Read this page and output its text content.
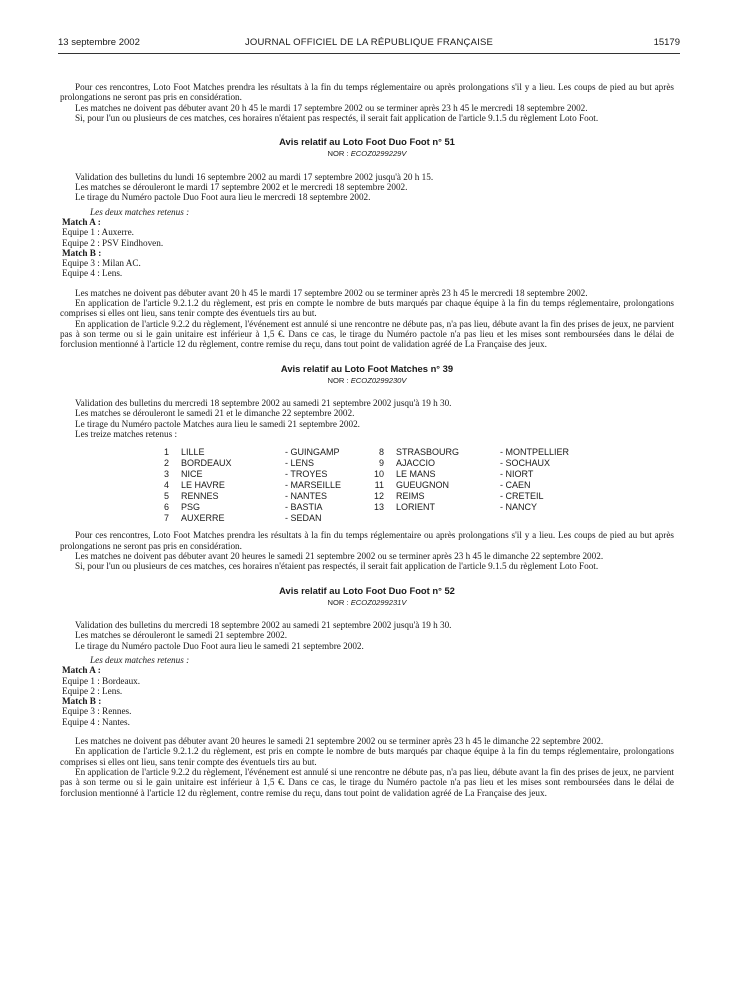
13 septembre 2002	JOURNAL OFFICIEL DE LA RÉPUBLIQUE FRANÇAISE	15179

Pour ces rencontres, Loto Foot Matches prendra les résultats à la fin du temps réglementaire ou après prolongations s'il y a lieu. Les coups de pied au but après prolongations ne seront pas pris en considération.

Les matches ne doivent pas débuter avant 20 h 45 le mardi 17 septembre 2002 ou se terminer après 23 h 45 le mercredi 18 septembre 2002.

Si, pour l'un ou plusieurs de ces matches, ces horaires n'étaient pas respectés, il serait fait application de l'article 9.1.5 du règlement Loto Foot.

Avis relatif au Loto Foot Duo Foot n° 51

NOR : ECOZ0299229V

Validation des bulletins du lundi 16 septembre 2002 au mardi 17 septembre 2002 jusqu'à 20 h 15.

Les matches se dérouleront le mardi 17 septembre 2002 et le mercredi 18 septembre 2002.

Le tirage du Numéro pactole Duo Foot aura lieu le mercredi 18 septembre 2002.

Les deux matches retenus :

Match A :

Equipe 1 : Auxerre.

Equipe 2 : PSV Eindhoven.

Match B :

Equipe 3 : Milan AC.

Equipe 4 : Lens.

Les matches ne doivent pas débuter avant 20 h 45 le mardi 17 septembre 2002 ou se terminer après 23 h 45 le mercredi 18 septembre 2002.

En application de l'article 9.2.1.2 du règlement, est pris en compte le nombre de buts marqués par chaque équipe à la fin du temps réglementaire, prolongations comprises si elles ont lieu, sans tenir compte des éventuels tirs au but.

En application de l'article 9.2.2 du règlement, l'événement est annulé si une rencontre ne débute pas, n'a pas lieu, débute avant la fin des prises de jeux, ne parvient pas à son terme ou si le gain unitaire est inférieur à 1,5 €. Dans ce cas, le tirage du Numéro pactole n'a pas lieu et les mises sont remboursées dans le délai de forclusion mentionné à l'article 12 du règlement, contre remise du reçu, dans tout point de validation agréé de La Française des jeux.

Avis relatif au Loto Foot Matches n° 39

NOR : ECOZ0299230V

Validation des bulletins du mercredi 18 septembre 2002 au samedi 21 septembre 2002 jusqu'à 19 h 30.

Les matches se dérouleront le samedi 21 et le dimanche 22 septembre 2002.

Le tirage du Numéro pactole Matches aura lieu le samedi 21 septembre 2002.

Les treize matches retenus :

1
2
3
4
5
6
7
LILLE
BORDEAUX
NICE
LE HAVRE
RENNES
PSG
AUXERRE
- GUINGAMP
- LENS
- TROYES
- MARSEILLE
- NANTES
- BASTIA
- SEDAN
8
9
10
11
12
13
STRASBOURG
AJACCIO
LE MANS
GUEUGNON
REIMS
LORIENT
- MONTPELLIER
- SOCHAUX
- NIORT
- CAEN
- CRETEIL
- NANCY

Pour ces rencontres, Loto Foot Matches prendra les résultats à la fin du temps réglementaire ou après prolongations s'il y a lieu. Les coups de pied au but après prolongations ne seront pas pris en considération.

Les matches ne doivent pas débuter avant 20 heures le samedi 21 septembre 2002 ou se terminer après 23 h 45 le dimanche 22 septembre 2002.

Si, pour l'un ou plusieurs de ces matches, ces horaires n'étaient pas respectés, il serait fait application de l'article 9.1.5 du règlement Loto Foot.

Avis relatif au Loto Foot Duo Foot n° 52

NOR : ECOZ0299231V

Validation des bulletins du mercredi 18 septembre 2002 au samedi 21 septembre 2002 jusqu'à 19 h 30.

Les matches se dérouleront le samedi 21 septembre 2002.

Le tirage du Numéro pactole Duo Foot aura lieu le samedi 21 septembre 2002.

Les deux matches retenus :

Match A :

Equipe 1 : Bordeaux.

Equipe 2 : Lens.

Match B :

Equipe 3 : Rennes.

Equipe 4 : Nantes.

Les matches ne doivent pas débuter avant 20 heures le samedi 21 septembre 2002 ou se terminer après 23 h 45 le dimanche 22 septembre 2002.

En application de l'article 9.2.1.2 du règlement, est pris en compte le nombre de buts marqués par chaque équipe à la fin du temps réglementaire, prolongations comprises si elles ont lieu, sans tenir compte des éventuels tirs au but.

En application de l'article 9.2.2 du règlement, l'événement est annulé si une rencontre ne débute pas, n'a pas lieu, débute avant la fin des prises de jeux, ne parvient pas à son terme ou si le gain unitaire est inférieur à 1,5 €. Dans ce cas, le tirage du Numéro pactole n'a pas lieu et les mises sont remboursées dans le délai de forclusion mentionné à l'article 12 du règlement, contre remise du reçu, dans tout point de validation agréé de La Française des jeux.
